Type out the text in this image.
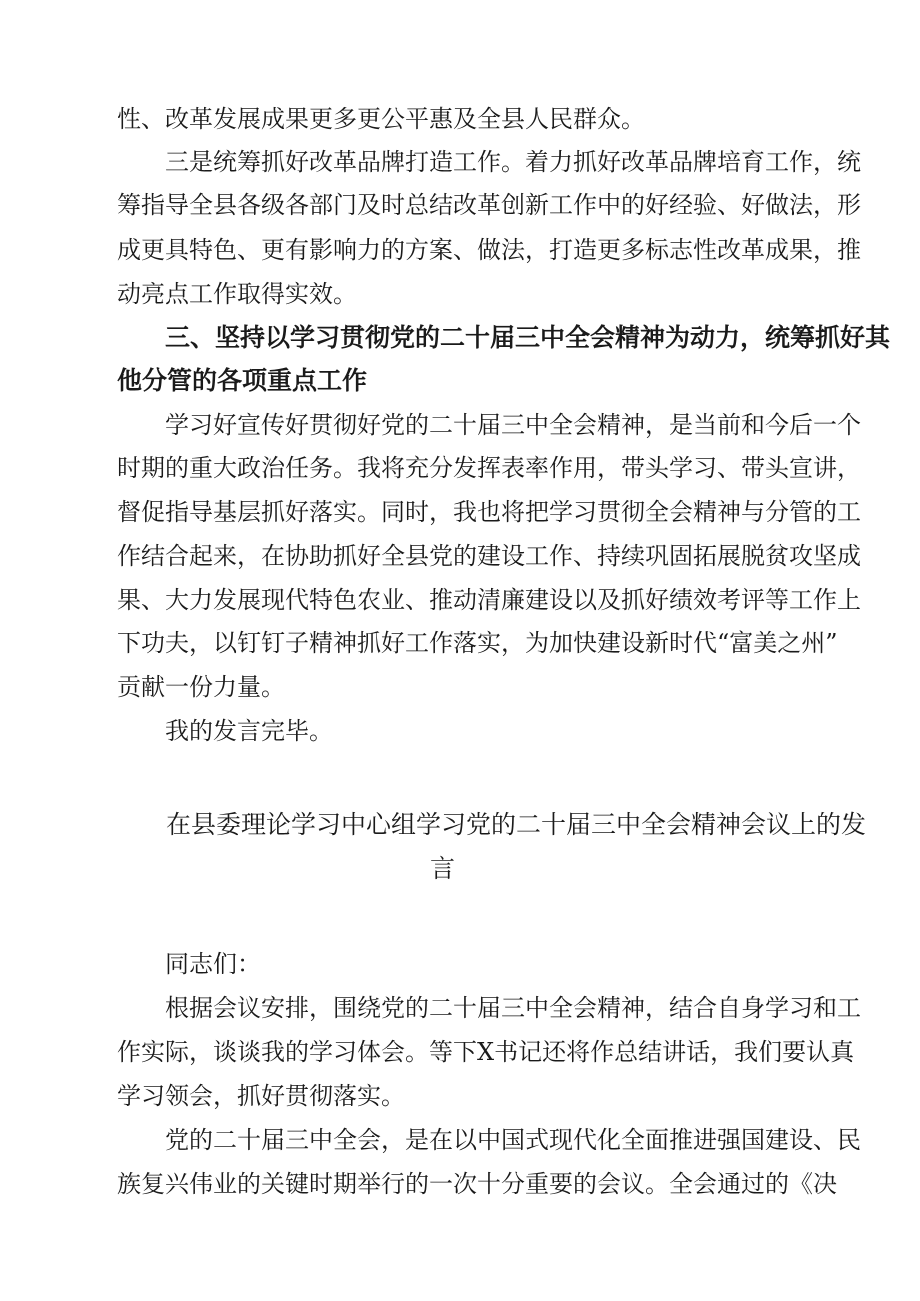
性、改革发展成果更多更公平惠及全县人民群众。
三是统筹抓好改革品牌打造工作。着力抓好改革品牌培育工作，统
筹指导全县各级各部门及时总结改革创新工作中的好经验、好做法，形
成更具特色、更有影响力的方案、做法，打造更多标志性改革成果，推
动亮点工作取得实效。
三、坚持以学习贯彻党的二十届三中全会精神为动力，统筹抓好其
他分管的各项重点工作
学习好宣传好贯彻好党的二十届三中全会精神，是当前和今后一个
时期的重大政治任务。我将充分发挥表率作用，带头学习、带头宣讲，
督促指导基层抓好落实。同时，我也将把学习贯彻全会精神与分管的工
作结合起来，在协助抓好全县党的建设工作、持续巩固拓展脱贫攻坚成
果、大力发展现代特色农业、推动清廉建设以及抓好绩效考评等工作上
下功夫，以钉钉子精神抓好工作落实，为加快建设新时代“富美之州”
贡献一份力量。
我的发言完毕。
在县委理论学习中心组学习党的二十届三中全会精神会议上的发
言
同志们：
根据会议安排，围绕党的二十届三中全会精神，结合自身学习和工
作实际，谈谈我的学习体会。等下X书记还将作总结讲话，我们要认真
学习领会，抓好贯彻落实。
党的二十届三中全会，是在以中国式现代化全面推进强国建设、民
族复兴伟业的关键时期举行的一次十分重要的会议。全会通过的《决
